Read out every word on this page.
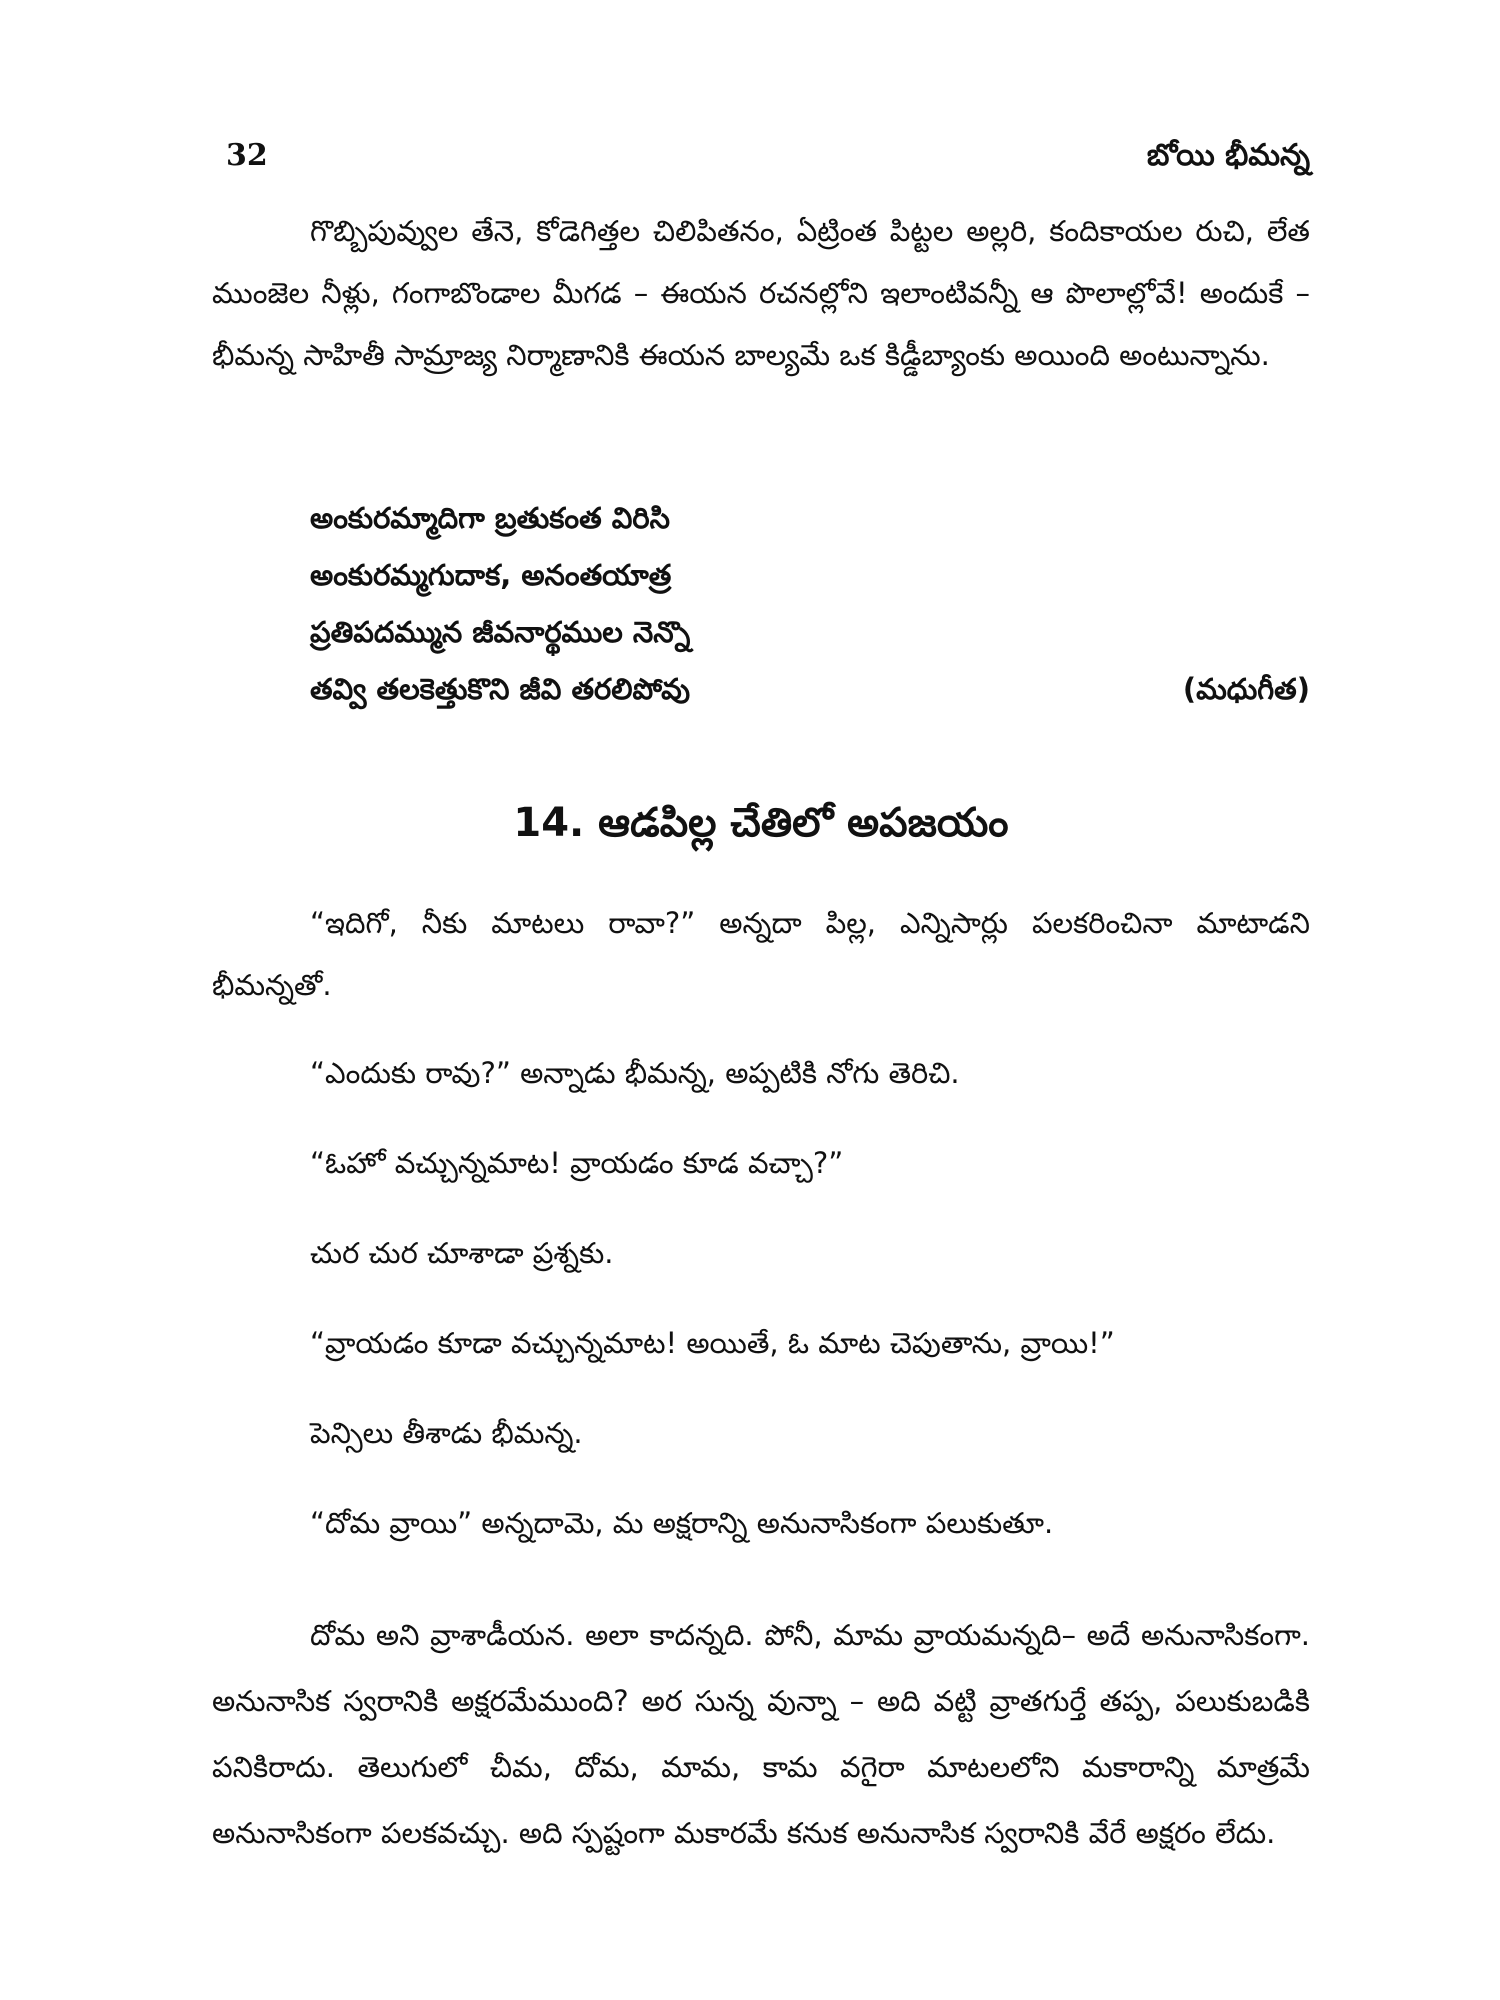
32	బోయి భీమన్న

గొబ్బిపువ్వుల తేనె, కోడెగిత్తల చిలిపితనం, ఏట్రింత పిట్టల అల్లరి, కందికాయల రుచి, లేత ముంజెల నీళ్లు, గంగాబొండాల మీగడ – ఈయన రచనల్లోని ఇలాంటివన్నీ ఆ పొలాల్లోవే! అందుకే – భీమన్న సాహితీ సామ్రాజ్య నిర్మాణానికి ఈయన బాల్యమే ఒక కిడ్డీబ్యాంకు అయింది అంటున్నాను.

అంకురమ్మాదిగా బ్రతుకంత విరిసి
అంకురమ్మగుదాక, అనంతయాత్ర
ప్రతిపదమ్మున జీవనార్థముల నెన్నొ
తవ్వి తలకెత్తుకొని జీవి తరలిపోవు	(మధుగీత)
14. ఆడపిల్ల చేతిలో అపజయం

“ఇదిగో, నీకు మాటలు రావా?” అన్నదా పిల్ల, ఎన్నిసార్లు పలకరించినా మాటాడని భీమన్నతో.

“ఎందుకు రావు?” అన్నాడు భీమన్న, అప్పటికి నోగు తెరిచి.

“ఓహో వచ్చున్నమాట! వ్రాయడం కూడ వచ్చా?”

చుర చుర చూశాడా ప్రశ్నకు.

“వ్రాయడం కూడా వచ్చున్నమాట! అయితే, ఓ మాట చెపుతాను, వ్రాయి!”

పెన్సిలు తీశాడు భీమన్న.

“దోమ వ్రాయి” అన్నదామె, మ అక్షరాన్ని అనునాసికంగా పలుకుతూ.

దోమ అని వ్రాశాడీయన. అలా కాదన్నది. పోనీ, మామ వ్రాయమన్నది– అదే అనునాసికంగా. అనునాసిక స్వరానికి అక్షరమేముంది? అర సున్న వున్నా – అది వట్టి వ్రాతగుర్తే తప్ప, పలుకుబడికి పనికిరాదు. తెలుగులో చీమ, దోమ, మామ, కామ వగైరా మాటలలోని మకారాన్ని మాత్రమే అనునాసికంగా పలకవచ్చు. అది స్పష్టంగా మకారమే కనుక అనునాసిక స్వరానికి వేరే అక్షరం లేదు.
